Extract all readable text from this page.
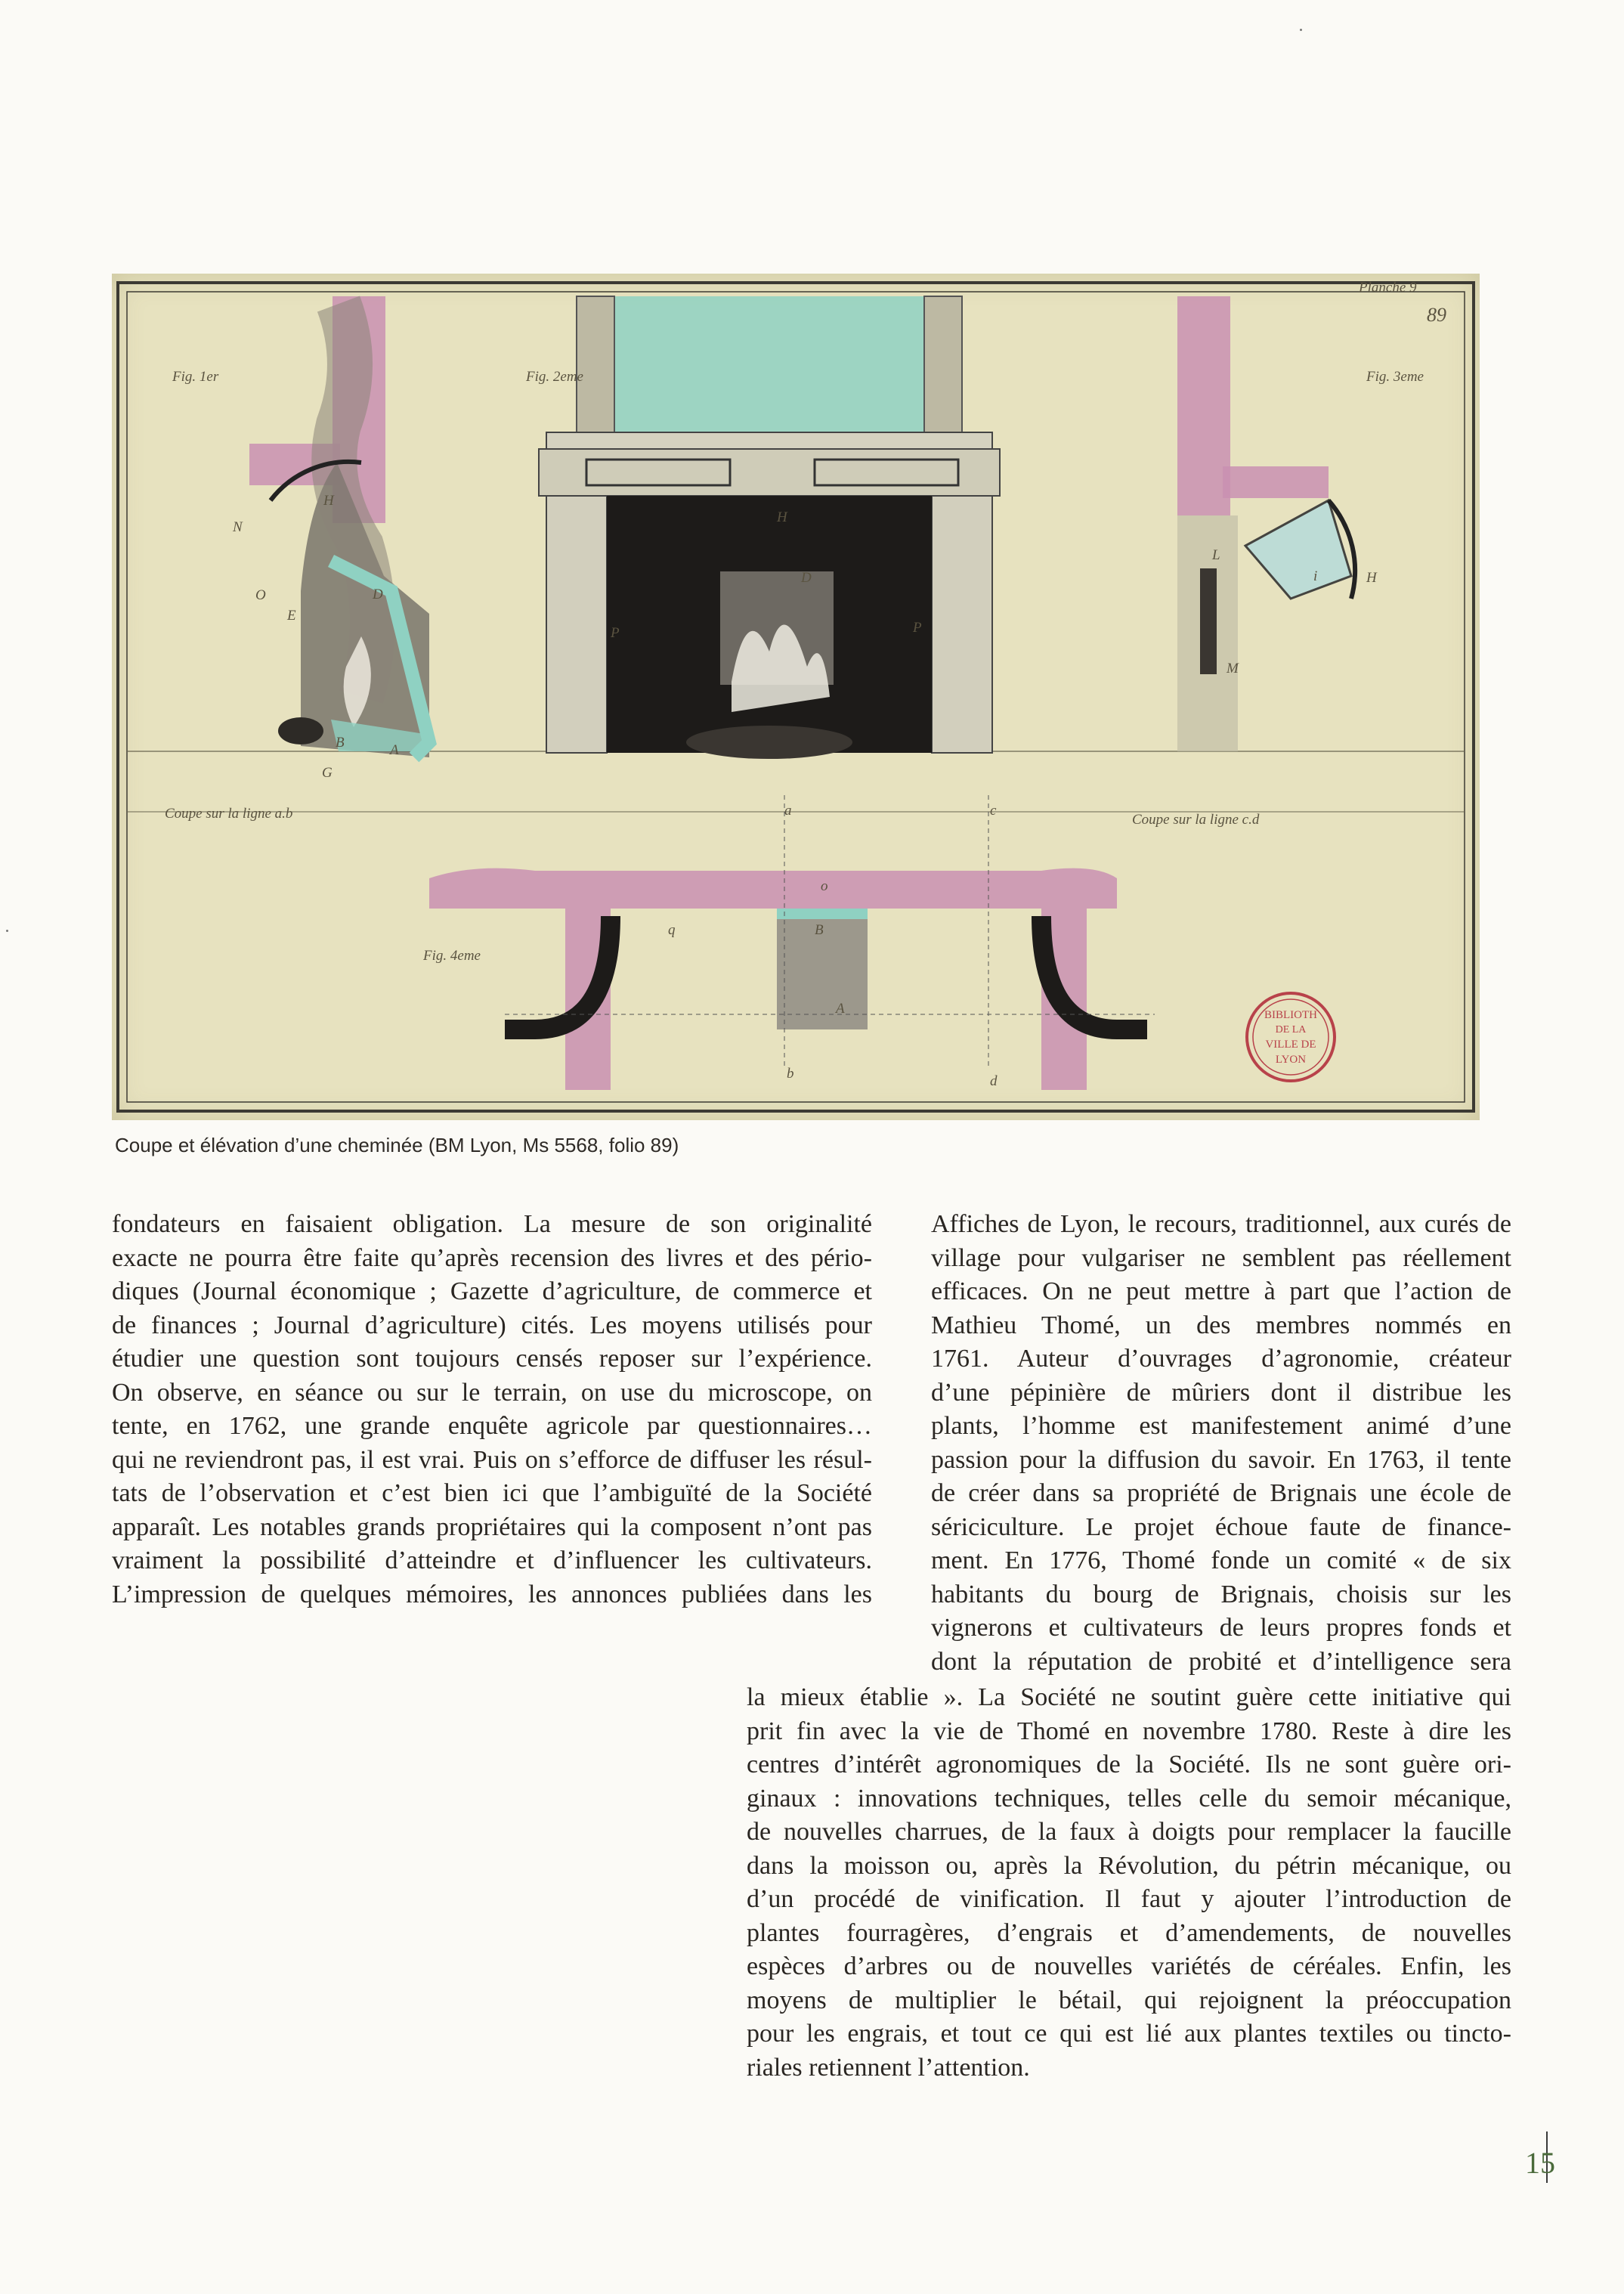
BIBLIOTH
DE LA
VILLE DE
LYON
Planche 9
89
Fig. 1er	Fig. 2eme	Fig. 3eme
Fig. 4eme
Coupe sur la ligne a.b	Coupe sur la ligne c.d
N
H
O
E
D
B	A
G
H
D
P	P
L
i	H
M
a	c
b	d
o
q	B
A
Coupe et élévation d’une cheminée (BM Lyon, Ms 5568, folio 89)
fondateurs en faisaient obligation. La mesure de son originalité
exacte ne pourra être faite qu’après recension des livres et des pério-
diques (Journal économique ; Gazette d’agriculture, de commerce et
de finances ; Journal d’agriculture) cités. Les moyens utilisés pour
étudier une question sont toujours censés reposer sur l’expérience.
On observe, en séance ou sur le terrain, on use du microscope, on
tente, en 1762, une grande enquête agricole par questionnaires…
qui ne reviendront pas, il est vrai. Puis on s’efforce de diffuser les résul-
tats de l’observation et c’est bien ici que l’ambiguïté de la Société
apparaît. Les notables grands propriétaires qui la composent n’ont pas
vraiment la possibilité d’atteindre et d’influencer les cultivateurs.
L’impression de quelques mémoires, les annonces publiées dans les
Affiches de Lyon, le recours, traditionnel, aux curés de
village pour vulgariser ne semblent pas réellement
efficaces. On ne peut mettre à part que l’action de
Mathieu Thomé, un des membres nommés en
1761. Auteur d’ouvrages d’agronomie, créateur
d’une pépinière de mûriers dont il distribue les
plants, l’homme est manifestement animé d’une
passion pour la diffusion du savoir. En 1763, il tente
de créer dans sa propriété de Brignais une école de
sériciculture. Le projet échoue faute de finance-
ment. En 1776, Thomé fonde un comité « de six
habitants du bourg de Brignais, choisis sur les
vignerons et cultivateurs de leurs propres fonds et
dont la réputation de probité et d’intelligence sera
la mieux établie ». La Société ne soutint guère cette initiative qui
prit fin avec la vie de Thomé en novembre 1780. Reste à dire les
centres d’intérêt agronomiques de la Société. Ils ne sont guère ori-
ginaux : innovations techniques, telles celle du semoir mécanique,
de nouvelles charrues, de la faux à doigts pour remplacer la faucille
dans la moisson ou, après la Révolution, du pétrin mécanique, ou
d’un procédé de vinification. Il faut y ajouter l’introduction de
plantes fourragères, d’engrais et d’amendements, de nouvelles
espèces d’arbres ou de nouvelles variétés de céréales. Enfin, les
moyens de multiplier le bétail, qui rejoignent la préoccupation
pour les engrais, et tout ce qui est lié aux plantes textiles ou tincto-
riales retiennent l’attention.
15
